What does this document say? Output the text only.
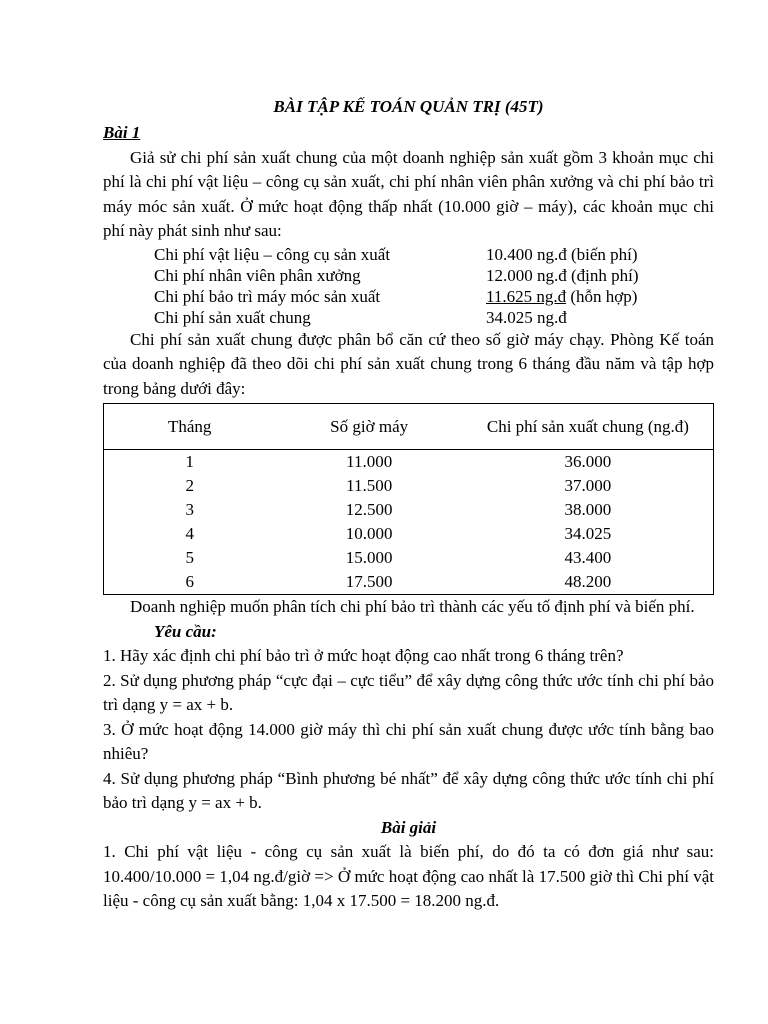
BÀI TẬP KẾ TOÁN QUẢN TRỊ (45T)

Bài 1

Giả sử chi phí sản xuất chung của một doanh nghiệp sản xuất gồm 3 khoản mục chi phí là chi phí vật liệu – công cụ sản xuất, chi phí nhân viên phân xưởng và chi phí bảo trì máy móc sản xuất. Ở mức hoạt động thấp nhất (10.000 giờ – máy), các khoản mục chi phí này phát sinh như sau:

Chi phí vật liệu – công cụ sản xuất	10.400 ng.đ (biến phí)
Chi phí nhân viên phân xưởng	12.000 ng.đ (định phí)
Chi phí bảo trì máy móc sản xuất	11.625 ng.đ (hỗn hợp)
Chi phí sản xuất chung	34.025 ng.đ

Chi phí sản xuất chung được phân bổ căn cứ theo số giờ máy chạy. Phòng Kế toán của doanh nghiệp đã theo dõi chi phí sản xuất chung trong 6 tháng đầu năm và tập hợp trong bảng dưới đây:

Tháng	Số giờ máy	Chi phí sản xuất chung (ng.đ)
1	11.000	36.000
2	11.500	37.000
3	12.500	38.000
4	10.000	34.025
5	15.000	43.400
6	17.500	48.200

Doanh nghiệp muốn phân tích chi phí bảo trì thành các yếu tố định phí và biến phí.

Yêu cầu:

1. Hãy xác định chi phí bảo trì ở mức hoạt động cao nhất trong 6 tháng trên?

2. Sử dụng phương pháp “cực đại – cực tiểu” để xây dựng công thức ước tính chi phí bảo trì dạng y = ax + b.

3. Ở mức hoạt động 14.000 giờ máy thì chi phí sản xuất chung được ước tính bằng bao nhiêu?

4. Sử dụng phương pháp “Bình phương bé nhất” để xây dựng công thức ước tính chi phí bảo trì dạng y = ax + b.

Bài giải

1. Chi phí vật liệu - công cụ sản xuất là biến phí, do đó ta có đơn giá như sau: 10.400/10.000 = 1,04 ng.đ/giờ => Ở mức hoạt động cao nhất là 17.500 giờ thì Chi phí vật liệu - công cụ sản xuất bằng: 1,04 x 17.500 = 18.200 ng.đ.
